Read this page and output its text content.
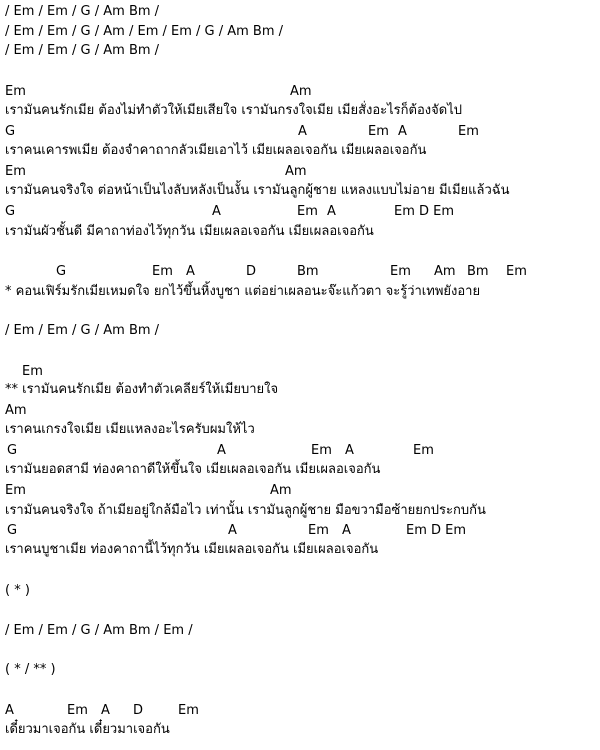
/ Em / Em / G / Am Bm /
/ Em / Em / G / Am / Em / Em / G / Am Bm /
/ Em / Em / G / Am Bm /
Em	Am
เรามันคนรักเมีย ต้องไม่ทำตัวให้เมียเสียใจ เรามันกรงใจเมีย เมียสั่งอะไรก็ต้องจัดไป
G	A	Em A	Em
เราคนเคารพเมีย ต้องจำคาถากลัวเมียเอาไว้ เมียเผลอเจอกัน เมียเผลอเจอกัน
Em	Am
เรามันคนจริงใจ ต่อหน้าเป็นไงลับหลังเป็นงั้น เรามันลูกผู้ชาย แหลงแบบไม่อาย มีเมียแล้วฉัน
G	A	Em A	Em D Em
เรามันผัวชั้นดี มีคาถาท่องไว้ทุกวัน เมียเผลอเจอกัน เมียเผลอเจอกัน
G	Em A	D	Bm	Em Am Bm Em
* คอนเฟิร์มรักเมียเหมดใจ ยกไว้ขึ้นหิ้งบูชา แต่อย่าเผลอนะจ๊ะแก้วตา จะรู้ว่าเทพยังอาย
/ Em / Em / G / Am Bm /
Em
** เรามันคนรักเมีย ต้องทำตัวเคลียร์ให้เมียบายใจ
Am
เราคนเกรงใจเมีย เมียแหลงอะไรครับผมให้ไว
G	A	Em A	Em
เรามันยอดสามี ท่องคาถาดีให้ขึ้นใจ เมียเผลอเจอกัน เมียเผลอเจอกัน
Em	Am
เรามันคนจริงใจ ถ้าเมียอยู่ใกล้มือไว เท่านั้น เรามันลูกผู้ชาย มือขวามือซ้ายยกประกบกัน
G	A	Em A	Em D Em
เราคนบูชาเมีย ท่องคาถานี้ไว้ทุกวัน เมียเผลอเจอกัน เมียเผลอเจอกัน
( * )
/ Em / Em / G / Am Bm / Em /
( * / ** )
A	Em A D	Em
เดี๋ยวมาเจอกัน เดี๋ยวมาเจอกัน
